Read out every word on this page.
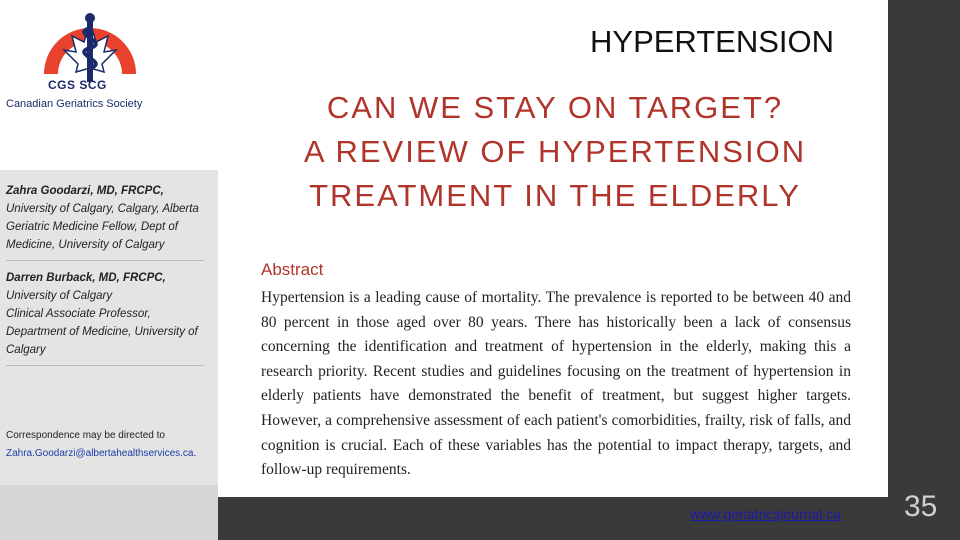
CGS SCG
Canadian Geriatrics Society
HYPERTENSION
CAN WE STAY ON TARGET?
A REVIEW OF HYPERTENSION
TREATMENT IN THE ELDERLY
Abstract
Hypertension is a leading cause of mortality. The prevalence is reported to be between 40 and 80 percent in those aged over 80 years. There has historically been a lack of consensus concerning the identification and treatment of hypertension in the elderly, making this a research priority. Recent studies and guidelines focusing on the treatment of hypertension in elderly patients have demonstrated the benefit of treatment, but suggest higher targets. However, a comprehensive assessment of each patient's comorbidities, frailty, risk of falls, and cognition is crucial. Each of these variables has the potential to impact therapy, targets, and follow-up requirements.
Zahra Goodarzi, MD, FRCPC,
University of Calgary, Calgary, Alberta
Geriatric Medicine Fellow, Dept of Medicine, University of Calgary
Darren Burback, MD, FRCPC,
University of Calgary
Clinical Associate Professor, Department of Medicine, University of Calgary
Correspondence may be directed to Zahra.Goodarzi@albertahealthservices.ca.
www.geriatricsjournal.ca 35
